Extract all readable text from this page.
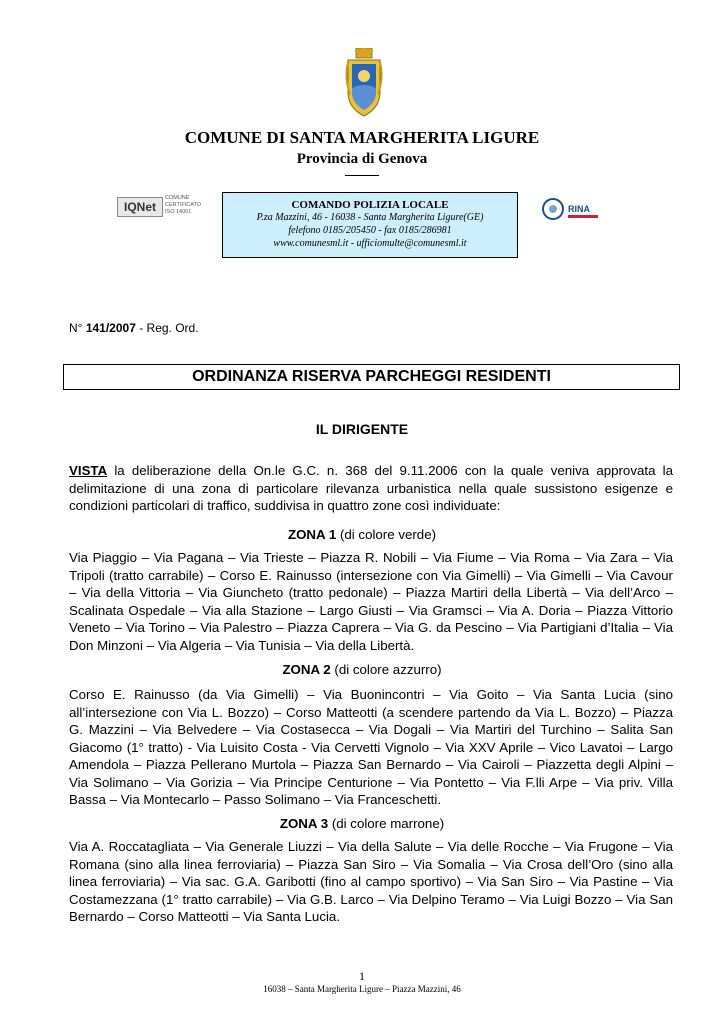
COMUNE DI SANTA MARGHERITA LIGURE
Provincia di Genova
IQNet
COMUNE
CERTIFICATO
ISO 14001
COMANDO POLIZIA LOCALE
P.za Mazzini, 46 - 16038 - Santa Margherita Ligure(GE)
felefono 0185/205450 - fax 0185/286981
www.comunesml.it - ufficiomulte@comunesml.it
RINA
N° 141/2007 - Reg. Ord.
ORDINANZA RISERVA PARCHEGGI RESIDENTI
IL DIRIGENTE
VISTA la deliberazione della On.le G.C. n. 368 del 9.11.2006 con la quale veniva approvata la delimitazione di una zona di particolare rilevanza urbanistica nella quale sussistono esigenze e condizioni particolari di traffico, suddivisa in quattro zone così individuate:
ZONA 1 (di colore verde)
Via Piaggio – Via Pagana – Via Trieste – Piazza R. Nobili – Via Fiume – Via Roma – Via Zara – Via Tripoli (tratto carrabile) – Corso E. Rainusso (intersezione con Via Gimelli) – Via Gimelli – Via Cavour – Via della Vittoria – Via Giuncheto (tratto pedonale) – Piazza Martiri della Libertà – Via dell’Arco – Scalinata Ospedale – Via alla Stazione – Largo Giusti – Via Gramsci – Via A. Doria – Piazza Vittorio Veneto – Via Torino – Via Palestro – Piazza Caprera – Via G. da Pescino – Via Partigiani d’Italia – Via Don Minzoni – Via Algeria – Via Tunisia – Via della Libertà.
ZONA 2 (di colore azzurro)
Corso E. Rainusso (da Via Gimelli) – Via Buonincontri – Via Goito – Via Santa Lucia (sino all’intersezione con Via L. Bozzo) – Corso Matteotti (a scendere partendo da Via L. Bozzo) – Piazza G. Mazzini – Via Belvedere – Via Costasecca – Via Dogali – Via Martiri del Turchino – Salita San Giacomo (1° tratto) - Via Luisito Costa - Via Cervetti Vignolo – Via XXV Aprile – Vico Lavatoi – Largo Amendola – Piazza Pellerano Murtola – Piazza San Bernardo – Via Cairoli – Piazzetta degli Alpini – Via Solimano – Via Gorizia – Via Principe Centurione – Via Pontetto – Via F.lli Arpe – Via priv. Villa Bassa – Via Montecarlo – Passo Solimano – Via Franceschetti.
ZONA 3 (di colore marrone)
Via A. Roccatagliata – Via Generale Liuzzi – Via della Salute – Via delle Rocche – Via Frugone – Via Romana (sino alla linea ferroviaria) – Piazza San Siro – Via Somalia – Via Crosa dell’Oro (sino alla linea ferroviaria) – Via sac. G.A. Garibotti (fino al campo sportivo) – Via San Siro – Via Pastine – Via Costamezzana (1° tratto carrabile) – Via G.B. Larco – Via Delpino Teramo – Via Luigi Bozzo – Via San Bernardo – Corso Matteotti – Via Santa Lucia.
1
16038 – Santa Margherita Ligure – Piazza Mazzini, 46
